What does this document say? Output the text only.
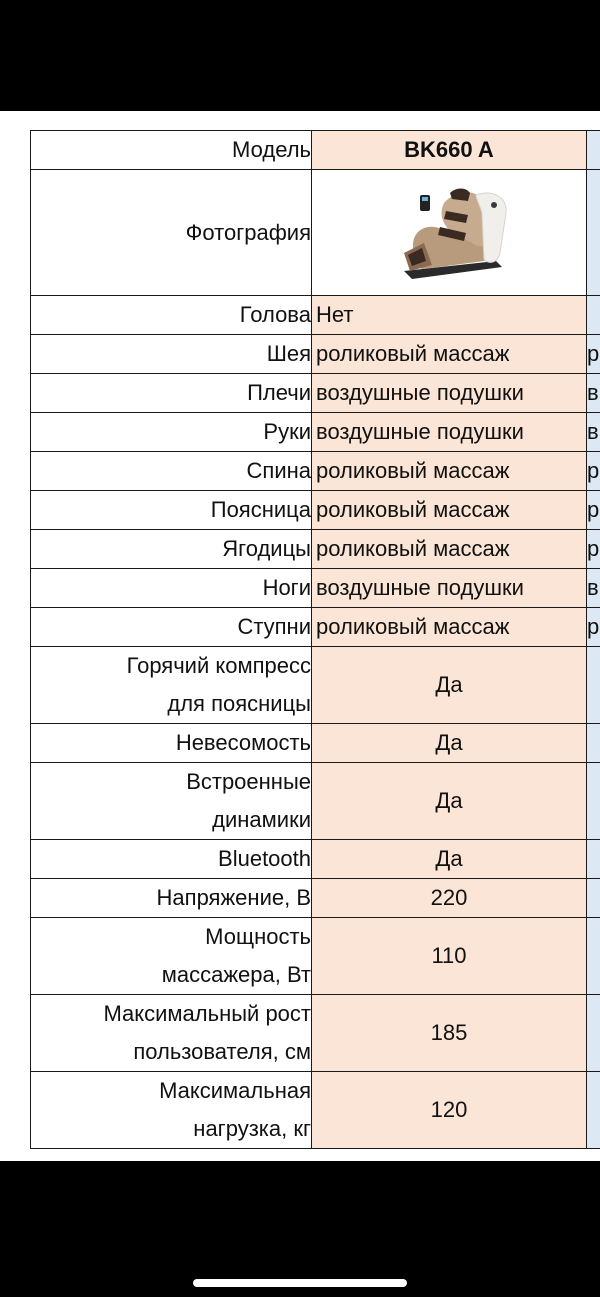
Модель	BK660 A	
Фотография	

Голова	Нет	
Шея	роликовый массаж	р
Плечи	воздушные подушки	в
Руки	воздушные подушки	в
Спина	роликовый массаж	р
Поясница	роликовый массаж	р
Ягодицы	роликовый массаж	р
Ноги	воздушные подушки	в
Ступни	роликовый массаж	р

Горячий компресс
для поясницы	Да	
Невесомость	Да	

Встроенные
динамики	Да	
Bluetooth	Да	
Напряжение, В	220	

Мощность
массажера, Вт	110	

Максимальный рост
пользователя, см	185	

Максимальная
нагрузка, кг	120	
